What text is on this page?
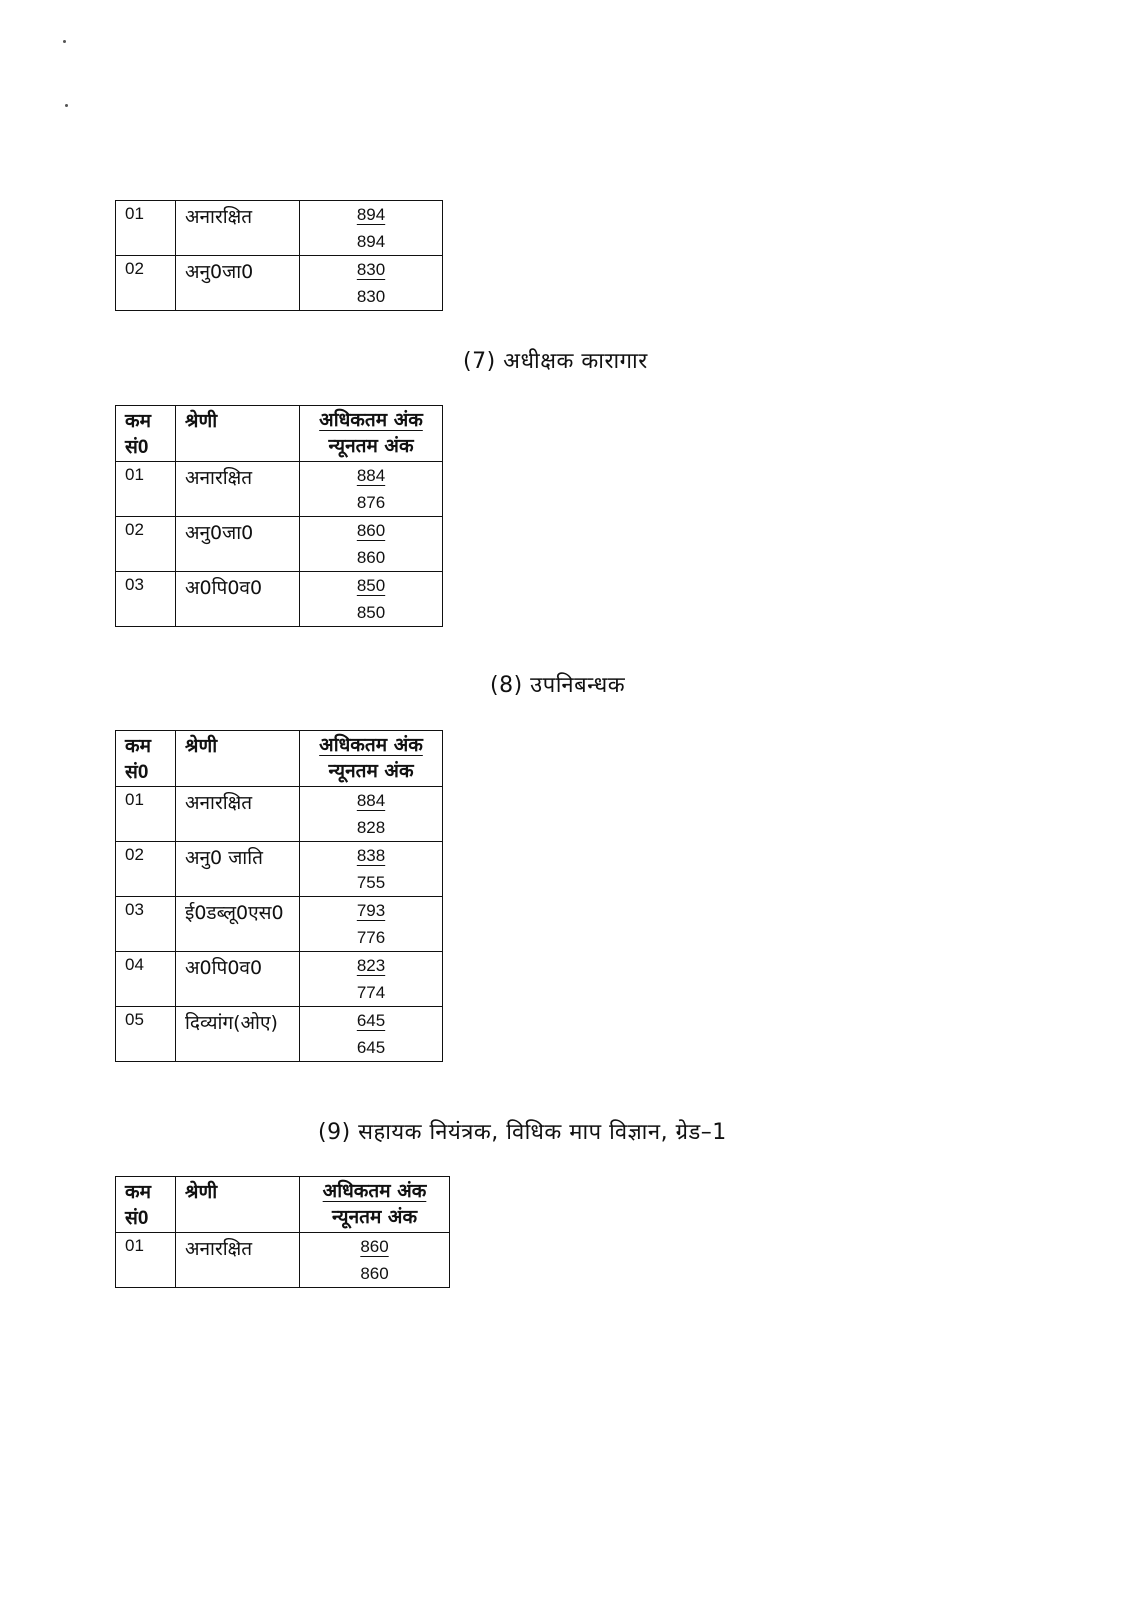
01	अनारक्षित	894
894

02	अनु0जा0	830
830
(7) अधीक्षक कारागार
कम
सं0	श्रेणी	अधिकतम अंक
न्यूनतम अंक

01	अनारक्षित	884
876

02	अनु0जा0	860
860

03	अ0पि0व0	850
850
(8) उपनिबन्धक
कम
सं0	श्रेणी	अधिकतम अंक
न्यूनतम अंक

01	अनारक्षित	884
828

02	अनु0 जाति	838
755

03	ई0डब्लू0एस0	793
776

04	अ0पि0व0	823
774

05	दिव्यांग(ओए)	645
645
(9) सहायक नियंत्रक, विधिक माप विज्ञान, ग्रेड–1
कम
सं0	श्रेणी	अधिकतम अंक
न्यूनतम अंक

01	अनारक्षित	860
860
